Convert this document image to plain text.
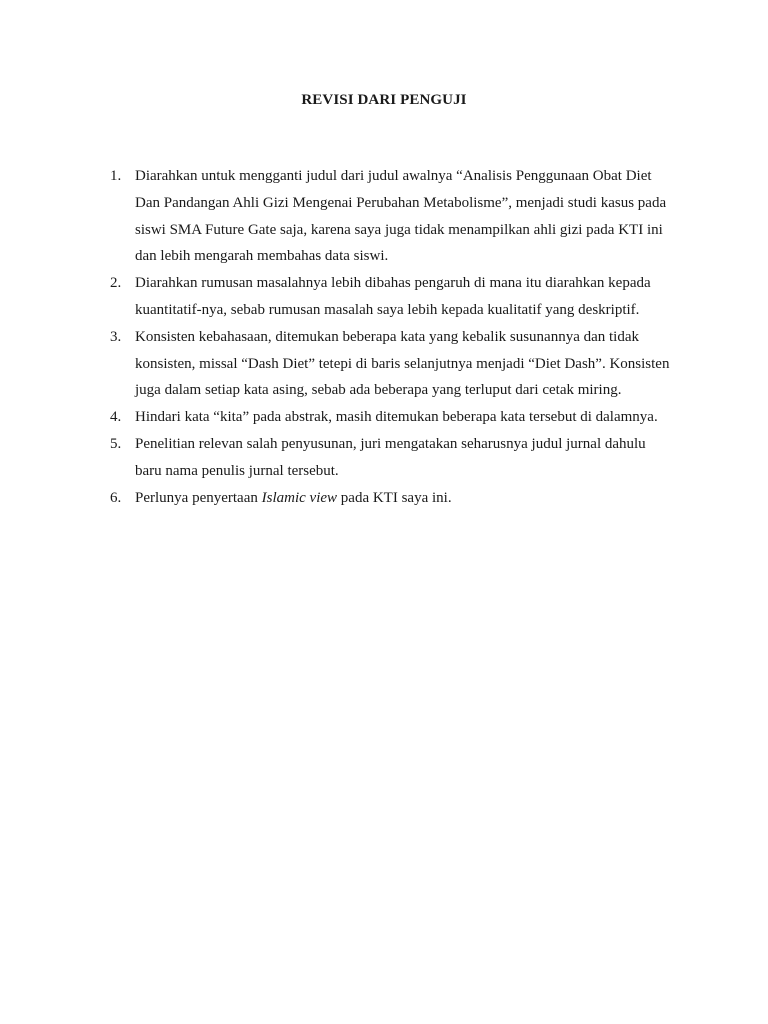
REVISI DARI PENGUJI
1. Diarahkan untuk mengganti judul dari judul awalnya “Analisis Penggunaan Obat Diet Dan Pandangan Ahli Gizi Mengenai Perubahan Metabolisme”, menjadi studi kasus pada siswi SMA Future Gate saja, karena saya juga tidak menampilkan ahli gizi pada KTI ini dan lebih mengarah membahas data siswi.
2. Diarahkan rumusan masalahnya lebih dibahas pengaruh di mana itu diarahkan kepada kuantitatif-nya, sebab rumusan masalah saya lebih kepada kualitatif yang deskriptif.
3. Konsisten kebahasaan, ditemukan beberapa kata yang kebalik susunannya dan tidak konsisten, missal “Dash Diet” tetepi di baris selanjutnya menjadi “Diet Dash”. Konsisten juga dalam setiap kata asing, sebab ada beberapa yang terluput dari cetak miring.
4. Hindari kata “kita” pada abstrak, masih ditemukan beberapa kata tersebut di dalamnya.
5. Penelitian relevan salah penyusunan, juri mengatakan seharusnya judul jurnal dahulu baru nama penulis jurnal tersebut.
6. Perlunya penyertaan Islamic view pada KTI saya ini.
